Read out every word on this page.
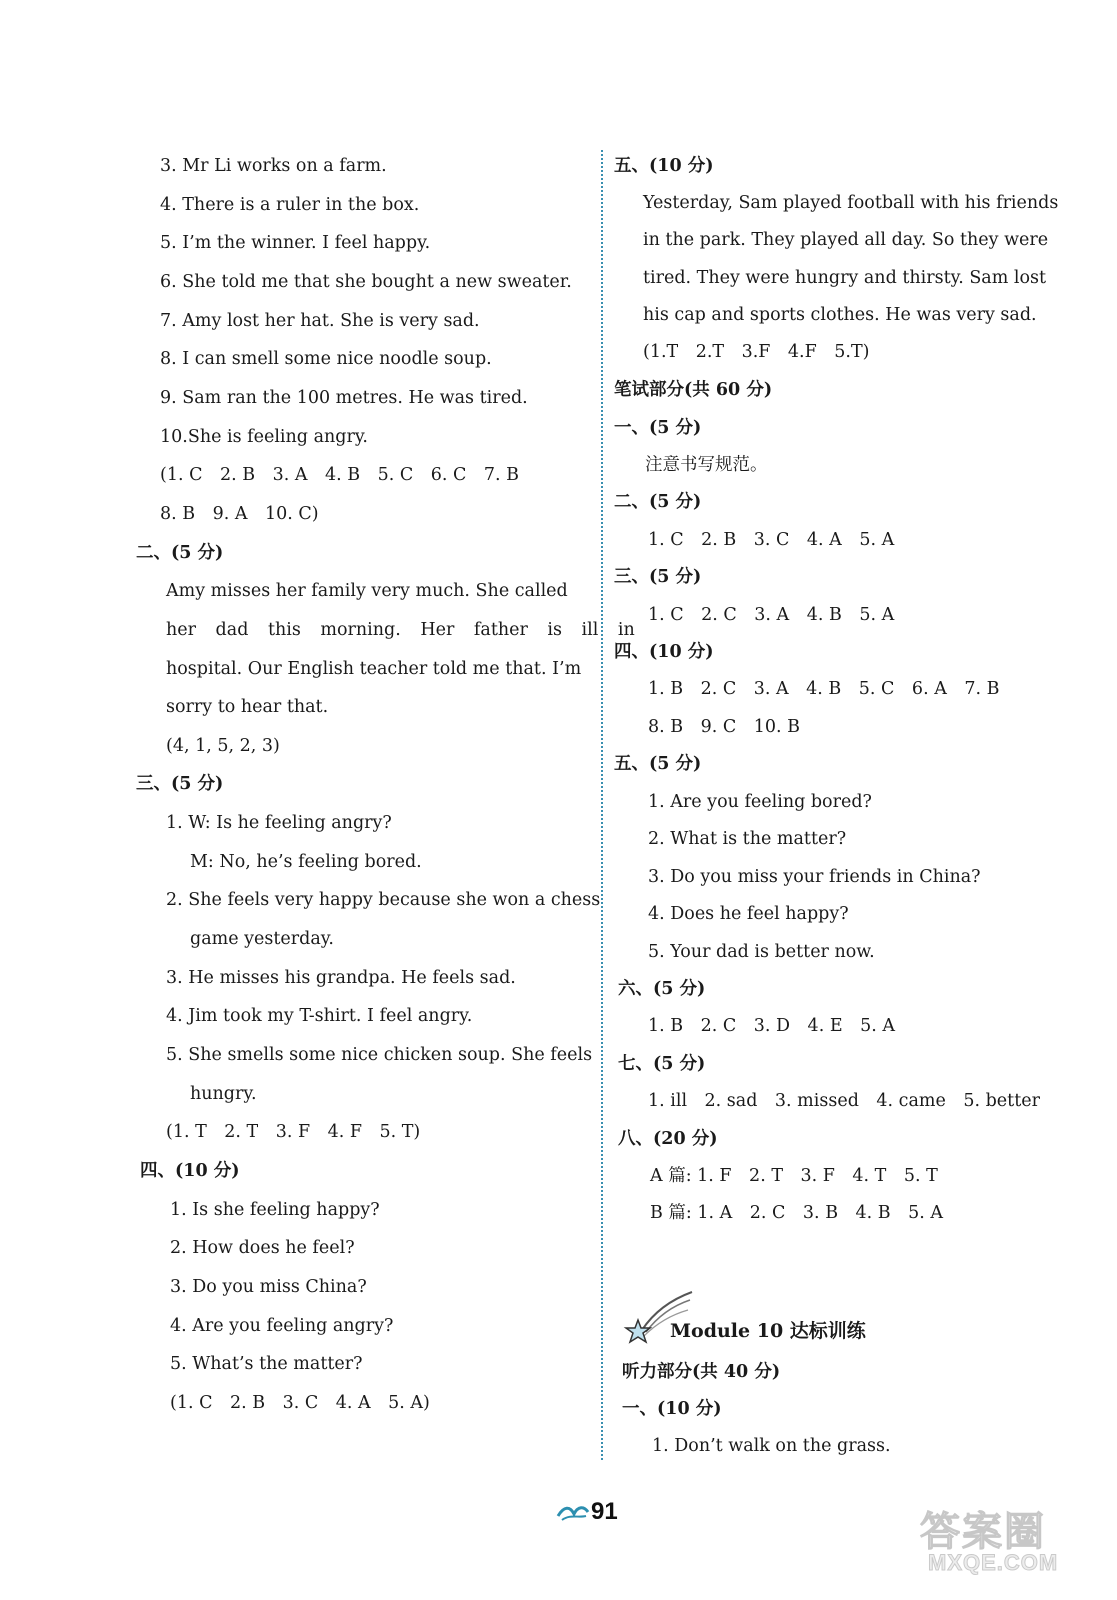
3. Mr Li works on a farm.
4. There is a ruler in the box.
5. I’m the winner. I feel happy.
6. She told me that she bought a new sweater.
7. Amy lost her hat. She is very sad.
8. I can smell some nice noodle soup.
9. Sam ran the 100 metres. He was tired.
10.She is feeling angry.
(1. C　2. B　3. A　4. B　5. C　6. C　7. B
8. B　9. A　10. C)
二、(5 分)
Amy misses her family very much. She called
her dad this morning. Her father is ill in
hospital. Our English teacher told me that. I’m
sorry to hear that.
(4, 1, 5, 2, 3)
三、(5 分)
1. W: Is he feeling angry?
M: No, he’s feeling bored.
2. She feels very happy because she won a chess
game yesterday.
3. He misses his grandpa. He feels sad.
4. Jim took my T-shirt. I feel angry.
5. She smells some nice chicken soup. She feels
hungry.
(1. T　2. T　3. F　4. F　5. T)
四、(10 分)
1. Is she feeling happy?
2. How does he feel?
3. Do you miss China?
4. Are you feeling angry?
5. What’s the matter?
(1. C　2. B　3. C　4. A　5. A)
五、(10 分)
Yesterday, Sam played football with his friends
in the park. They played all day. So they were
tired. They were hungry and thirsty. Sam lost
his cap and sports clothes. He was very sad.
(1.T　2.T　3.F　4.F　5.T)
笔试部分(共 60 分)
一、(5 分)
注意书写规范。
二、(5 分)
1. C　2. B　3. C　4. A　5. A
三、(5 分)
1. C　2. C　3. A　4. B　5. A
四、(10 分)
1. B　2. C　3. A　4. B　5. C　6. A　7. B
8. B　9. C　10. B
五、(5 分)
1. Are you feeling bored?
2. What is the matter?
3. Do you miss your friends in China?
4. Does he feel happy?
5. Your dad is better now.
六、(5 分)
1. B　2. C　3. D　4. E　5. A
七、(5 分)
1. ill　2. sad　3. missed　4. came　5. better
八、(20 分)
A 篇: 1. F　2. T　3. F　4. T　5. T
B 篇: 1. A　2. C　3. B　4. B　5. A
Module 10 达标训练
听力部分(共 40 分)
一、(10 分)
1. Don’t walk on the grass.
91	答案圈
MXQE.COM
